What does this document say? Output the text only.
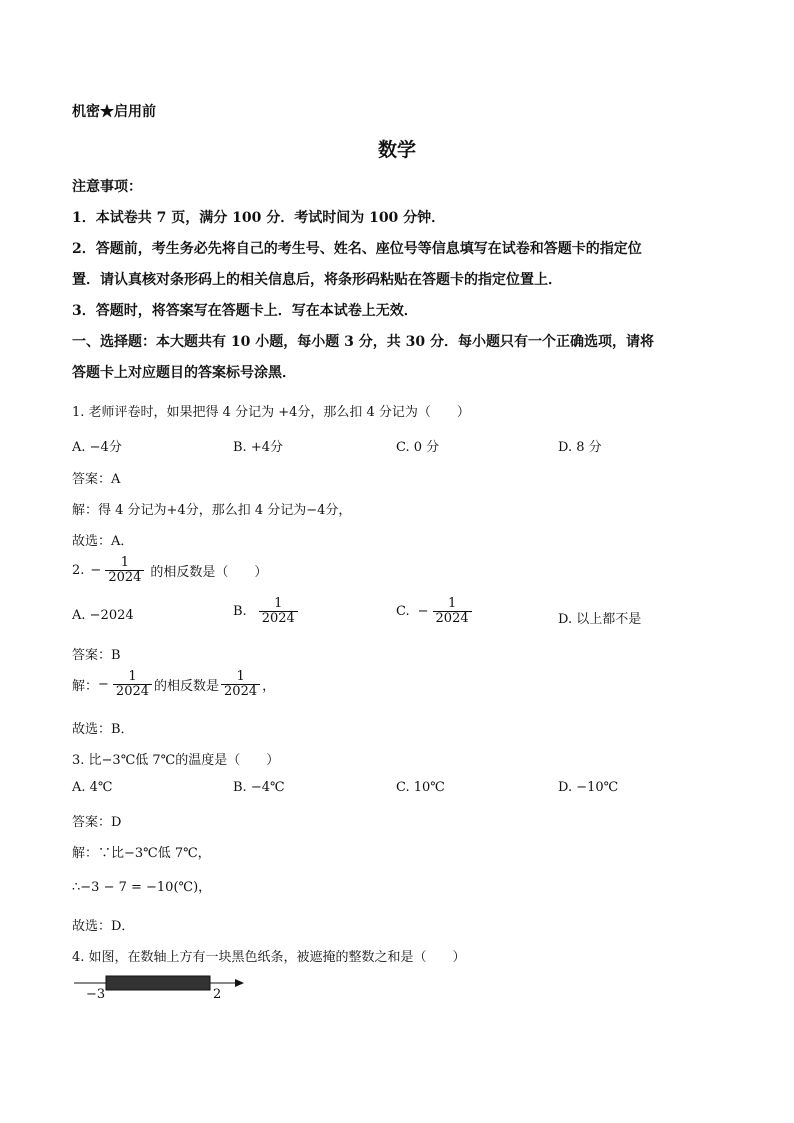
机密★启用前
数学
注意事项：
1．本试卷共 7 页，满分 100 分．考试时间为 100 分钟．
2．答题前，考生务必先将自己的考生号、姓名、座位号等信息填写在试卷和答题卡的指定位
置．请认真核对条形码上的相关信息后，将条形码粘贴在答题卡的指定位置上．
3．答题时，将答案写在答题卡上．写在本试卷上无效．
一、选择题：本大题共有 10 小题，每小题 3 分，共 30 分．每小题只有一个正确选项，请将
答题卡上对应题目的答案标号涂黑．
1. 老师评卷时，如果把得 4 分记为 +4分，那么扣 4 分记为（　　）
A. −4分	B. +4分	C. 0 分	D. 8 分
答案：A
解：得 4 分记为+4分，那么扣 4 分记为−4分，
故选：A．
2. − $\frac{1}{2024}$ 的相反数是（　　）
A. −2024	B. $\frac{1}{2024}$	C. − $\frac{1}{2024}$	D. 以上都不是
答案：B
解： − $\frac{1}{2024}$ 的相反数是 $\frac{1}{2024}$ ，
故选：B．
3. 比−3℃低 7℃的温度是（　　）
A. 4℃	B. −4℃	C. 10℃	D. −10℃
答案：D
解：∵比−3℃低 7℃，
∴−3 − 7 = −10(℃)，
故选：D．
4. 如图，在数轴上方有一块黑色纸条，被遮掩的整数之和是（　　）
−3	2
